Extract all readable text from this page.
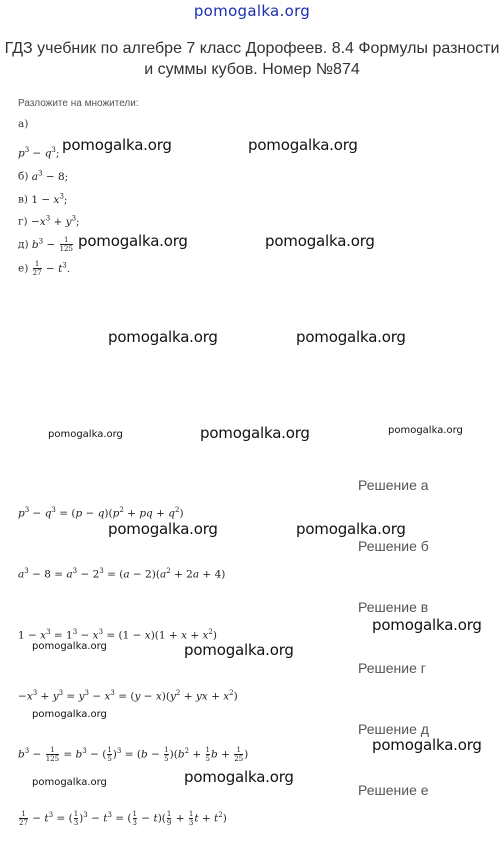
pomogalka.org
ГДЗ учебник по алгебре 7 класс Дорофеев. 8.4 Формулы разности и суммы кубов. Номер №874
Разложите на множители:
а)
$p^3 - q^3$;
б) $a^3 - 8$;
в) $1 - x^3$;
$г) -x^3 + y^3$;
д) $b^3 - \frac{1}{125}$
$е) \frac{1}{27} - t^3$.
Решение а
$p^3 - q^3 = (p - q)(p^2$ + pq + $q^2$)
Решение б
$a^3 - 8 = a^3 - 2^3 = (a - 2)(a^2 + 2a + 4)$
Решение в
$1 - x^3 = 1^3 - x^3 = (1 - x)(1 + x + x^2)$
Решение г
$-x^3 + y^3 = y^3 - x^3 = (y - x)(y^2$ + yx + $x^2$)
Решение д
$b^3 - \frac{1}{125} = b^3$ − ( $\frac{1}{5} )^3 = (b - \frac{1}{5} )(b^2 + \frac{1}{5}$ $b + \frac{1}{25}$ )
Решение е
$\frac{1}{27} - t^3$ = ( $\frac{1}{3} )^3 - t^3$ = ( $\frac{1}{3} - t)( \frac{1}{9} + \frac{1}{3}$ $t + t^2$)
pomogalka.org	pomogalka.org
pomogalka.org	pomogalka.org
pomogalka.org	pomogalka.org
pomogalka.org	pomogalka.org	pomogalka.org
pomogalka.org	pomogalka.org
pomogalka.org
pomogalka.org	pomogalka.org
pomogalka.org
pomogalka.org
pomogalka.org	pomogalka.org
